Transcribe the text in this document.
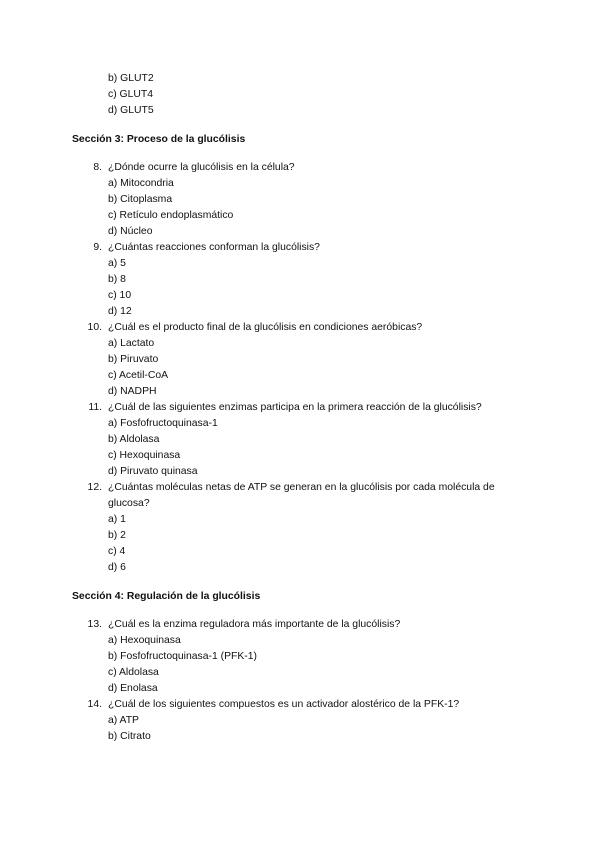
b) GLUT2
c) GLUT4
d) GLUT5
Sección 3: Proceso de la glucólisis
8. ¿Dónde ocurre la glucólisis en la célula?
a) Mitocondria
b) Citoplasma
c) Retículo endoplasmático
d) Núcleo
9. ¿Cuántas reacciones conforman la glucólisis?
a) 5
b) 8
c) 10
d) 12
10. ¿Cuál es el producto final de la glucólisis en condiciones aeróbicas?
a) Lactato
b) Piruvato
c) Acetil-CoA
d) NADPH
11. ¿Cuál de las siguientes enzimas participa en la primera reacción de la glucólisis?
a) Fosfofructoquinasa-1
b) Aldolasa
c) Hexoquinasa
d) Piruvato quinasa
12. ¿Cuántas moléculas netas de ATP se generan en la glucólisis por cada molécula de glucosa?
a) 1
b) 2
c) 4
d) 6
Sección 4: Regulación de la glucólisis
13. ¿Cuál es la enzima reguladora más importante de la glucólisis?
a) Hexoquinasa
b) Fosfofructoquinasa-1 (PFK-1)
c) Aldolasa
d) Enolasa
14. ¿Cuál de los siguientes compuestos es un activador alostérico de la PFK-1?
a) ATP
b) Citrato
